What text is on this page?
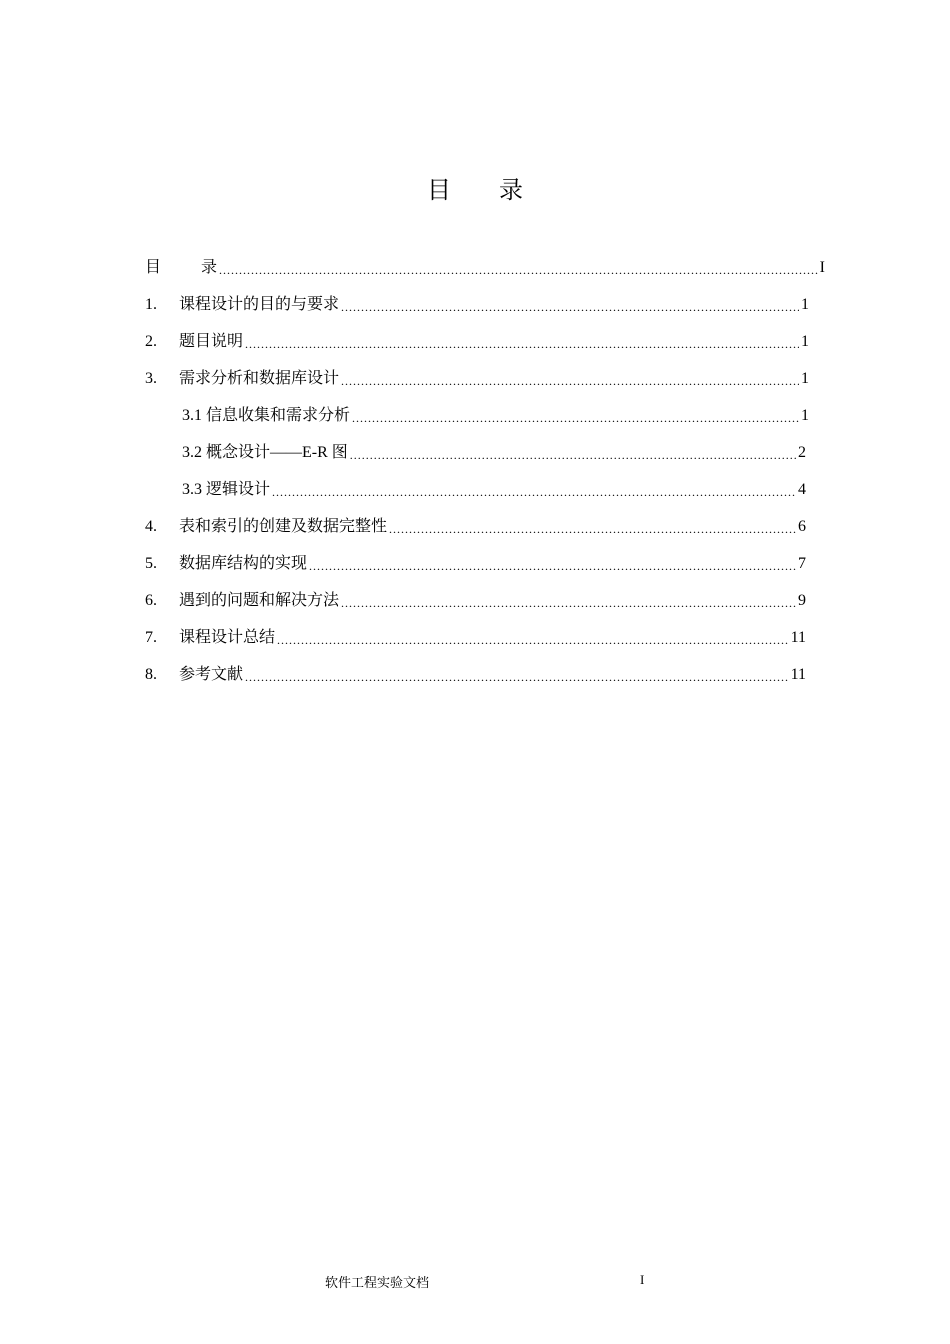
目 录
目	录 .....	I
1.	课程设计的目的与要求 .....	1
2.	题目说明 .....	1
3.	需求分析和数据库设计 .....	1
3.1 信息收集和需求分析 .....	1
3.2 概念设计——E-R 图 .....	2
3.3 逻辑设计 .....	4
4.	表和索引的创建及数据完整性 .....	6
5.	数据库结构的实现 .....	7
6.	遇到的问题和解决方法 .....	9
7.	课程设计总结 .....	11
8.	参考文献 .....	11
软件工程实验文档	I
